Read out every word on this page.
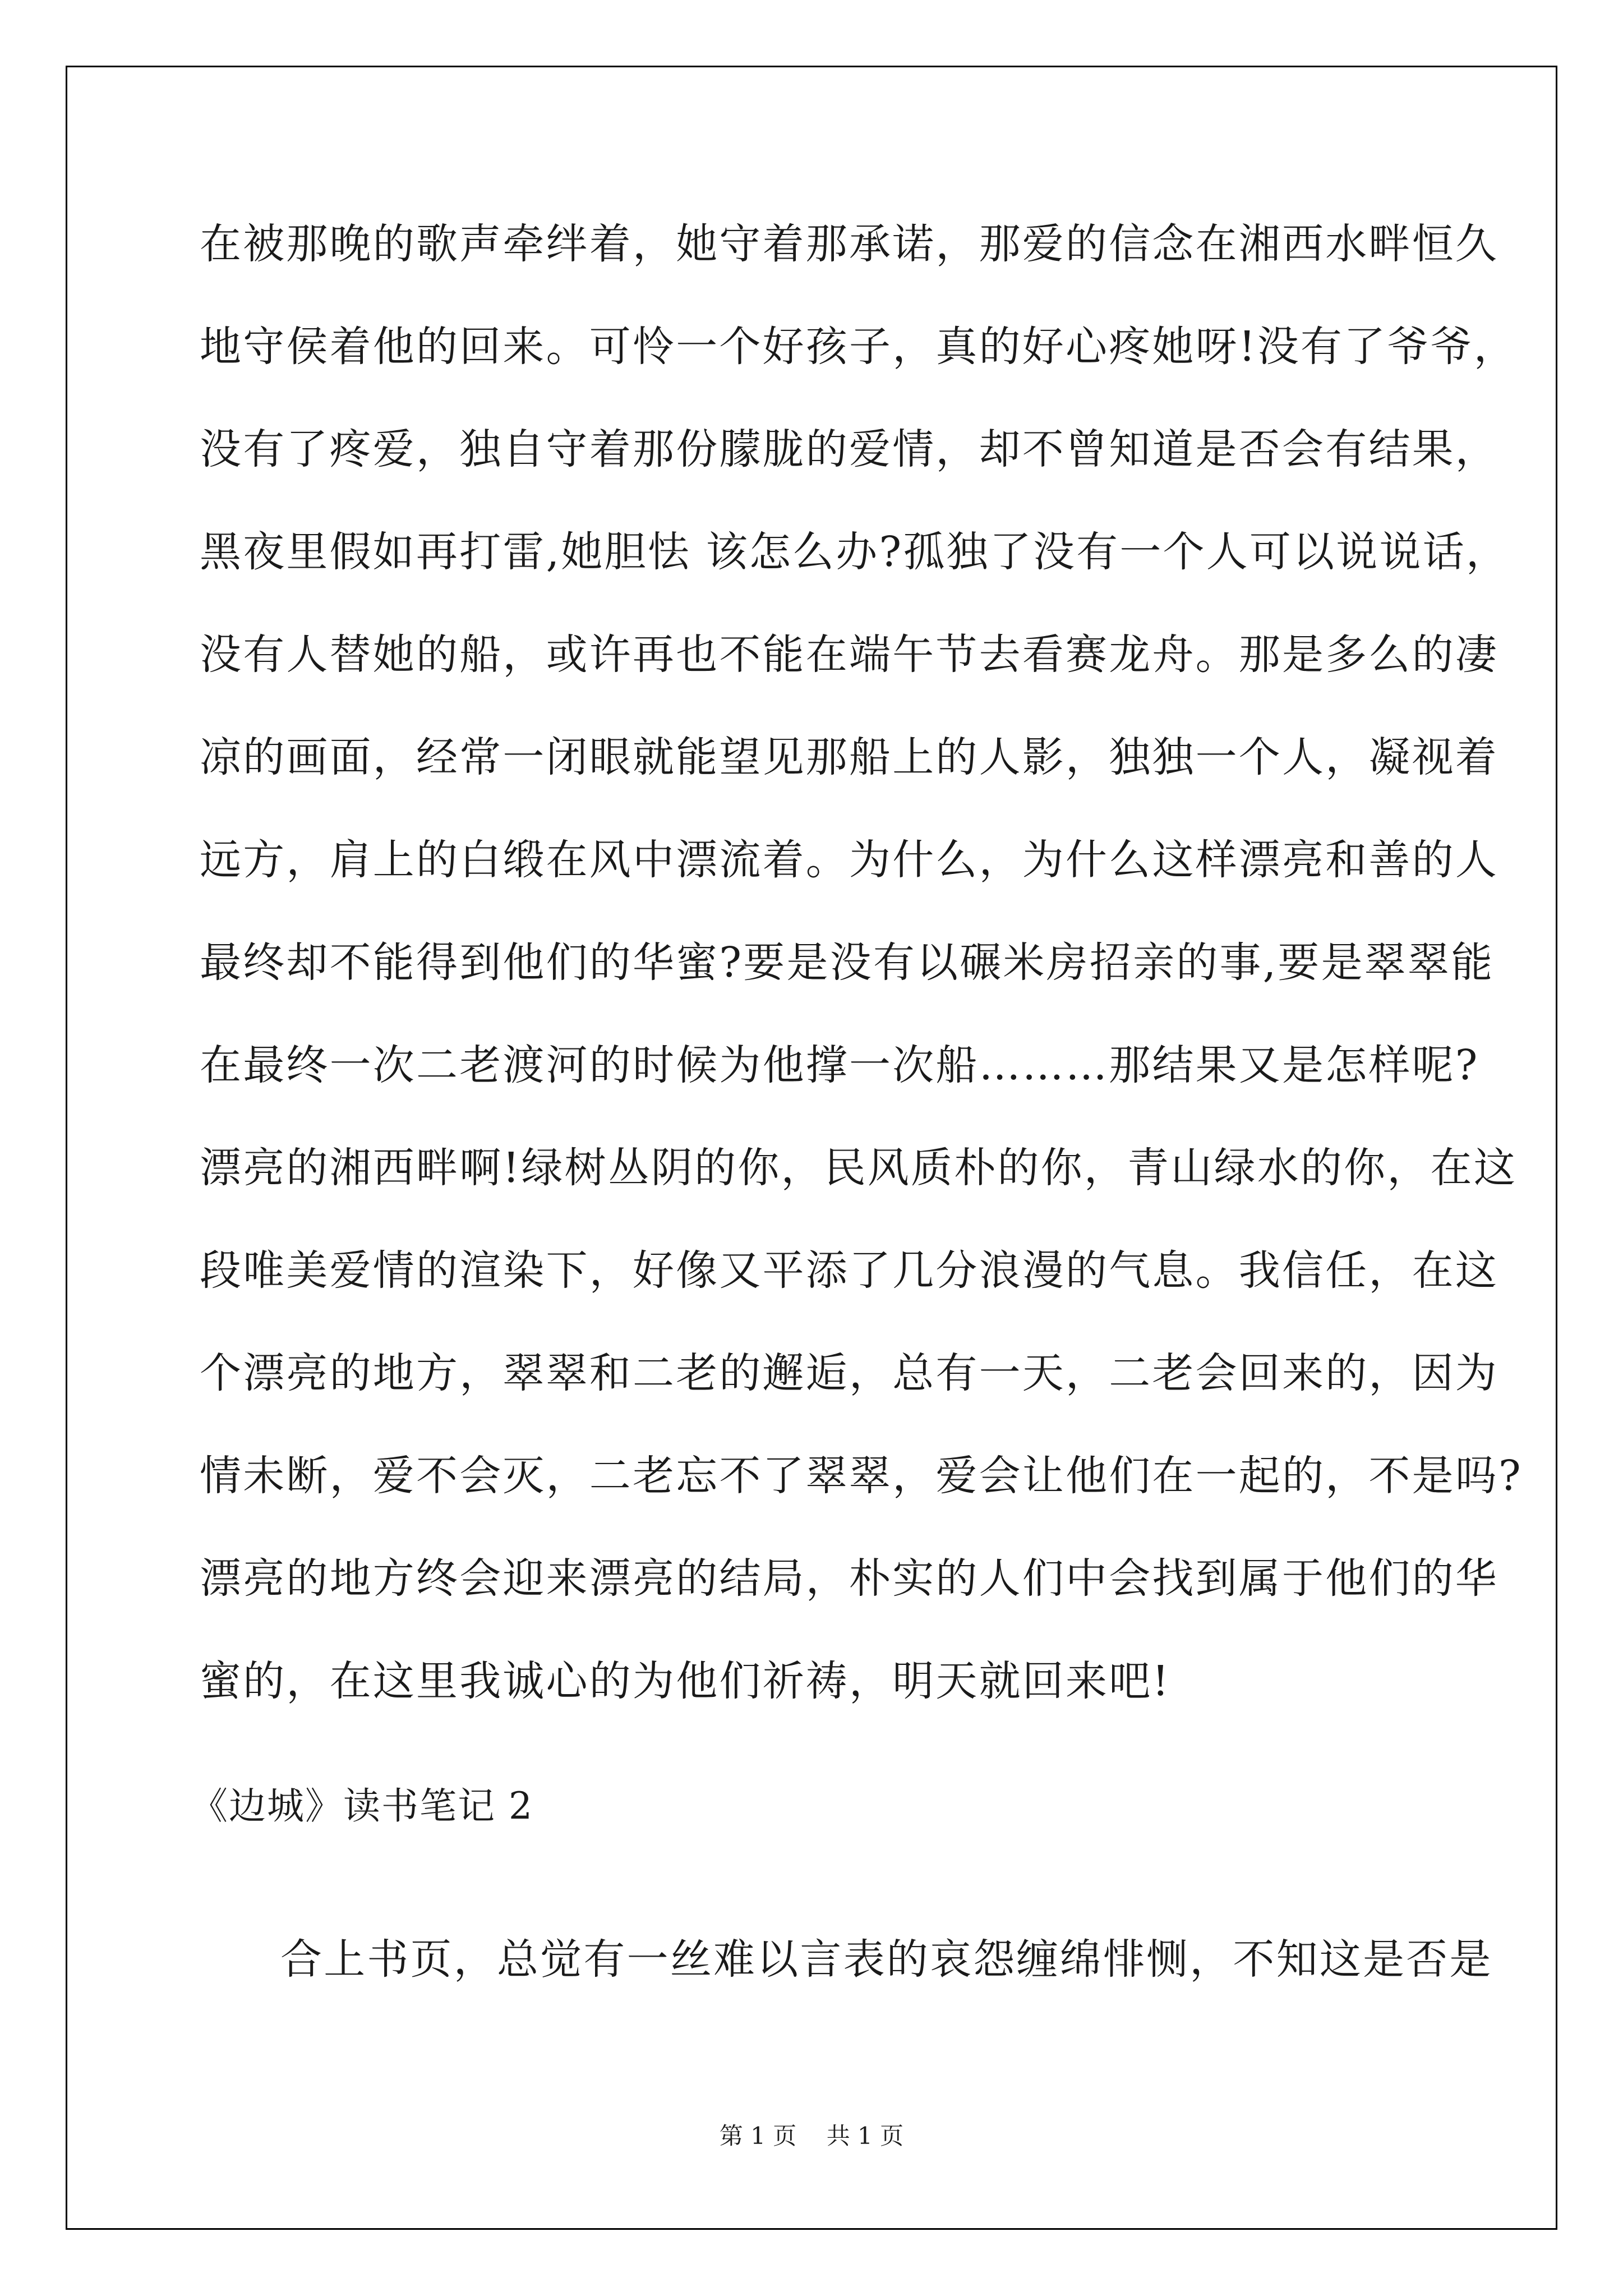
在被那晚的歌声牵绊着，她守着那承诺，那爱的信念在湘西水畔恒久
地守侯着他的回来。可怜一个好孩子，真的好心疼她呀!没有了爷爷，
没有了疼爱，独自守着那份朦胧的爱情，却不曾知道是否会有结果，
黑夜里假如再打雷,她胆怯 该怎么办?孤独了没有一个人可以说说话，
没有人替她的船，或许再也不能在端午节去看赛龙舟。那是多么的凄
凉的画面，经常一闭眼就能望见那船上的人影，独独一个人，凝视着
远方，肩上的白缎在风中漂流着。为什么，为什么这样漂亮和善的人
最终却不能得到他们的华蜜?要是没有以碾米房招亲的事,要是翠翠能
在最终一次二老渡河的时候为他撑一次船………那结果又是怎样呢?
漂亮的湘西畔啊!绿树丛阴的你，民风质朴的你，青山绿水的你，在这
段唯美爱情的渲染下，好像又平添了几分浪漫的气息。我信任，在这
个漂亮的地方，翠翠和二老的邂逅，总有一天，二老会回来的，因为
情未断，爱不会灭，二老忘不了翠翠，爱会让他们在一起的，不是吗?
漂亮的地方终会迎来漂亮的结局，朴实的人们中会找到属于他们的华
蜜的，在这里我诚心的为他们祈祷，明天就回来吧!
《边城》读书笔记 2
合上书页，总觉有一丝难以言表的哀怨缠绵悱恻，不知这是否是
第 1 页    共 1 页
